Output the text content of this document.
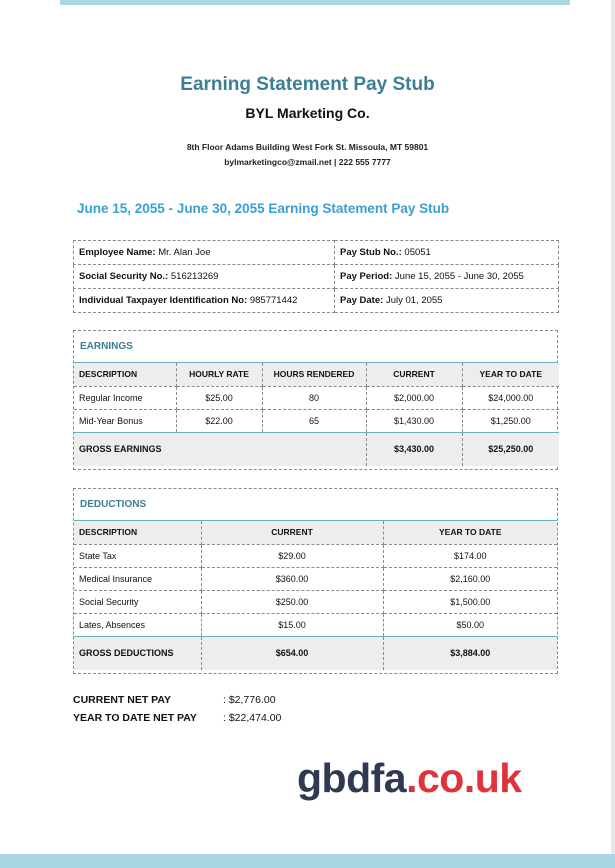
Earning Statement Pay Stub
BYL Marketing Co.
8th Floor Adams Building West Fork St. Missoula, MT 59801
bylmarketingco@zmail.net | 222 555 7777
June 15, 2055 - June 30, 2055 Earning Statement Pay Stub
Employee Name: Mr. Alan Joe	Pay Stub No.: 05051
Social Security No.: 516213269	Pay Period: June 15, 2055 - June 30, 2055
Individual Taxpayer Identification No: 985771442	Pay Date: July 01, 2055
EARNINGS
DESCRIPTION	HOURLY RATE	HOURS RENDERED	CURRENT	YEAR TO DATE
Regular Income	$25.00	80	$2,000.00	$24,000.00
Mid-Year Bonus	$22.00	65	$1,430.00	$1,250.00
GROSS EARNINGS			$3,430.00	$25,250.00
DEDUCTIONS
DESCRIPTION	CURRENT	YEAR TO DATE
State Tax	$29.00	$174.00
Medical Insurance	$360.00	$2,160.00
Social Security	$250.00	$1,500.00
Lates, Absences	$15.00	$50.00
GROSS DEDUCTIONS	$654.00	$3,884.00
CURRENT NET PAY	: $2,776.00
YEAR TO DATE NET PAY : $22,474.00
gbdfa.co.uk
